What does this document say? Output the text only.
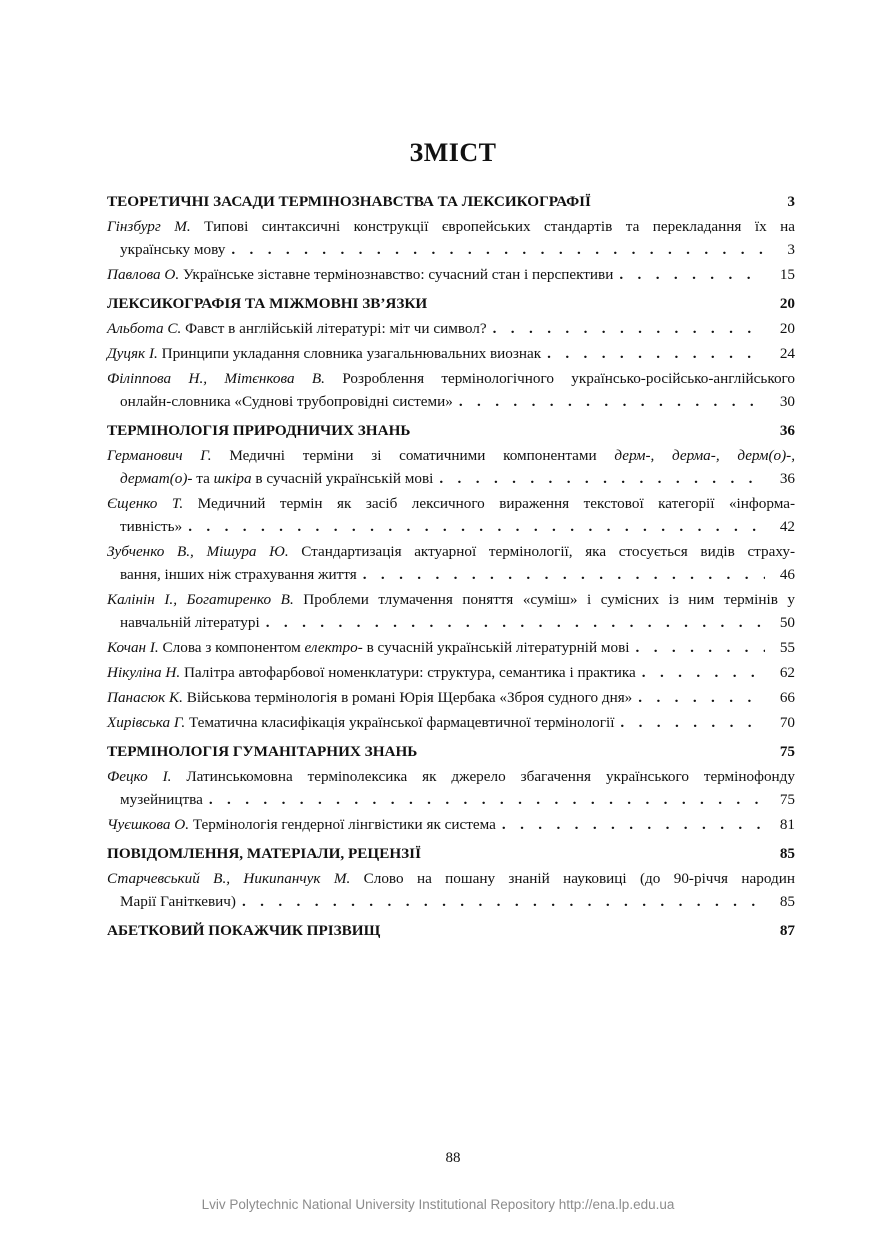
ЗМІСТ
ТЕОРЕТИЧНІ ЗАСАДИ ТЕРМІНОЗНАВСТВА ТА ЛЕКСИКОГРАФІЇ	3
Гінзбург М. Типові синтаксичні конструкції європейських стандартів та перекладання їх на
українську мову . . .	3
Павлова О. Українське зіставне термінознавство: сучасний стан і перспективи . . .	15
ЛЕКСИКОГРАФІЯ ТА МІЖМОВНІ ЗВ’ЯЗКИ	20
Альбота С. Фавст в англійській літературі: міт чи символ? . . .	20
Дуцяк І. Принципи укладання словника узагальнювальних виознак . . .	24
Філіппова Н., Мітєнкова В. Розроблення термінологічного українсько-російсько-англійського
онлайн-словника «Суднові трубопровідні системи» . . .	30
ТЕРМІНОЛОГІЯ ПРИРОДНИЧИХ ЗНАНЬ	36
Германович Г. Медичні терміни зі соматичними компонентами дерм-, дерма-, дерм(о)-,
дермат(о)- та шкіра в сучасній українській мові . . .	36
Єщенко Т. Медичний термін як засіб лексичного вираження текстової категорії «інформа-
тивність» . . .	42
Зубченко В., Мішура Ю. Стандартизація актуарної термінології, яка стосується видів страху-
вання, інших ніж страхування життя . . .	46
Калінін І., Богатиренко В. Проблеми тлумачення поняття «суміш» і сумісних із ним термінів у
навчальній літературі . . .	50
Кочан І. Слова з компонентом електро- в сучасній українській літературній мові . . .	55
Нікуліна Н. Палітра автофарбової номенклатури: структура, семантика і практика . . .	62
Панасюк К. Військова термінологія в романі Юрія Щербака «Зброя судного дня» . . .	66
Хирівська Г. Тематична класифікація української фармацевтичної термінології . . .	70
ТЕРМІНОЛОГІЯ ГУМАНІТАРНИХ ЗНАНЬ	75
Фецко І. Латинськомовна терміnолексика як джерело збагачення українського термінофонду
музейництва . . .	75
Чуєшкова О. Термінологія гендерної лінгвістики як система . . .	81
ПОВІДОМЛЕННЯ, МАТЕРІАЛИ, РЕЦЕНЗІЇ	85
Старчевський В., Никипанчук М. Слово на пошану знаній науковиці (до 90-річчя народин
Марії Ганіткевич) . . .	85
АБЕТКОВИЙ ПОКАЖЧИК ПРІЗВИЩ	87
88
Lviv Polytechnic National University Institutional Repository http://ena.lp.edu.ua
